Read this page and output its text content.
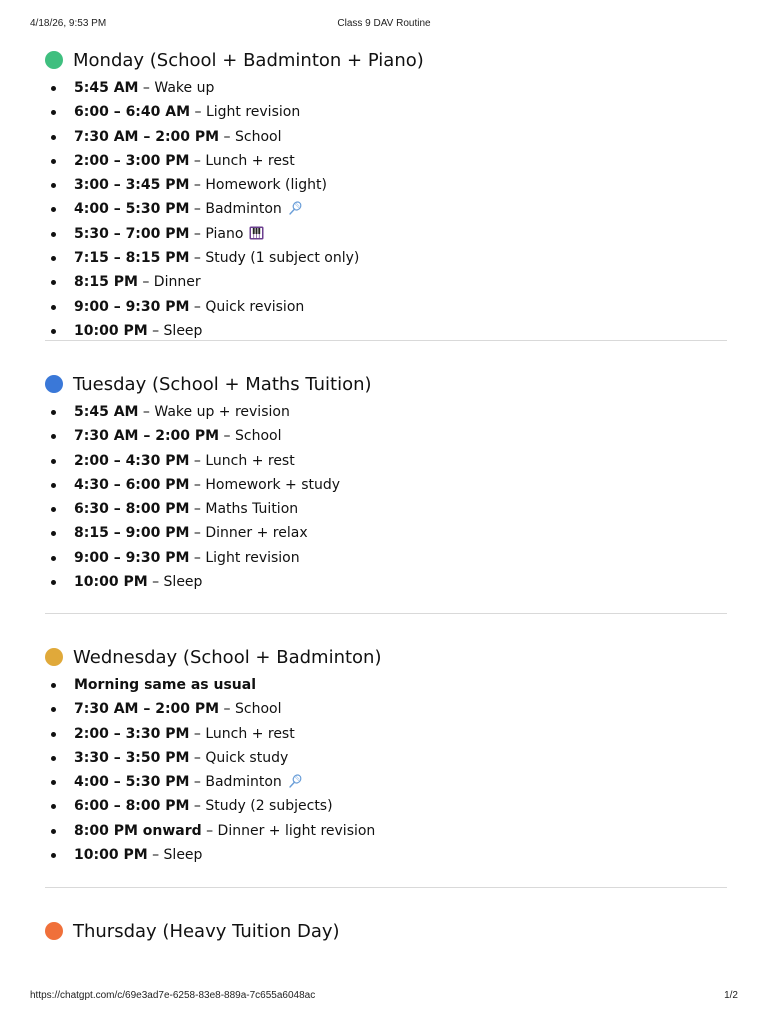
4/18/26, 9:53 PM	Class 9 DAV Routine
Monday (School + Badminton + Piano)
5:45 AM – Wake up
6:00 – 6:40 AM – Light revision
7:30 AM – 2:00 PM – School
2:00 – 3:00 PM – Lunch + rest
3:00 – 3:45 PM – Homework (light)
4:00 – 5:30 PM – Badminton
5:30 – 7:00 PM – Piano
7:15 – 8:15 PM – Study (1 subject only)
8:15 PM – Dinner
9:00 – 9:30 PM – Quick revision
10:00 PM – Sleep
Tuesday (School + Maths Tuition)
5:45 AM – Wake up + revision
7:30 AM – 2:00 PM – School
2:00 – 4:30 PM – Lunch + rest
4:30 – 6:00 PM – Homework + study
6:30 – 8:00 PM – Maths Tuition
8:15 – 9:00 PM – Dinner + relax
9:00 – 9:30 PM – Light revision
10:00 PM – Sleep
Wednesday (School + Badminton)
Morning same as usual
7:30 AM – 2:00 PM – School
2:00 – 3:30 PM – Lunch + rest
3:30 – 3:50 PM – Quick study
4:00 – 5:30 PM – Badminton
6:00 – 8:00 PM – Study (2 subjects)
8:00 PM onward – Dinner + light revision
10:00 PM – Sleep
Thursday (Heavy Tuition Day)
https://chatgpt.com/c/69e3ad7e-6258-83e8-889a-7c655a6048ac	1/2
